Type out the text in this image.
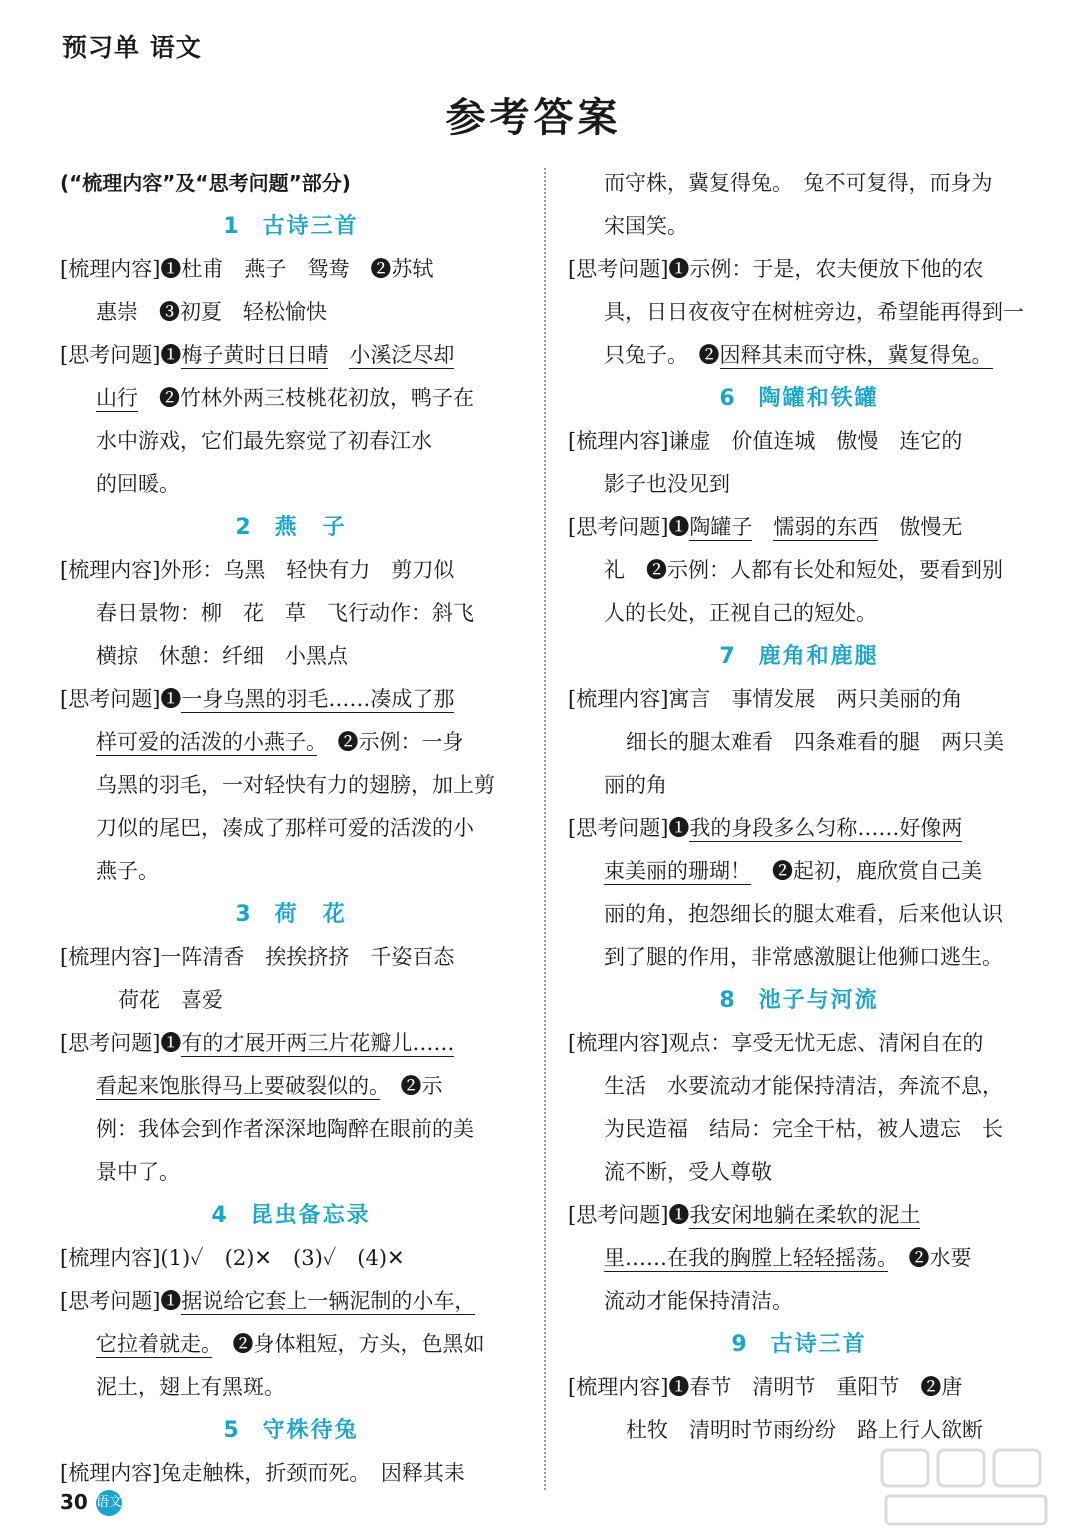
预习单 语文
参考答案
(“梳理内容”及“思考问题”部分)
1 古诗三首
[梳理内容]❶杜甫　燕子　鸳鸯　❷苏轼
惠崇　❸初夏　轻松愉快
[思考问题]❶梅子黄时日日晴　 小溪泛尽却
山行　❷竹林外两三枝桃花初放，鸭子在
水中游戏，它们最先察觉了初春江水
的回暖。
2 燕　子
[梳理内容]外形：乌黑　轻快有力　剪刀似
春日景物：柳　花　草　飞行动作：斜飞
横掠　休憩：纤细　小黑点
[思考问题]❶一身乌黑的羽毛……凑成了那
样可爱的活泼的小燕子。　❷示例：一身
乌黑的羽毛，一对轻快有力的翅膀，加上剪
刀似的尾巴，凑成了那样可爱的活泼的小
燕子。
3 荷　花
[梳理内容]一阵清香　挨挨挤挤　千姿百态
荷花　喜爱
[思考问题]❶有的才展开两三片花瓣儿……
看起来饱胀得马上要破裂似的。　❷示
例：我体会到作者深深地陶醉在眼前的美
景中了。
4 昆虫备忘录
[梳理内容](1)✓　(2)✕　(3)✓　(4)✕
[思考问题]❶据说给它套上一辆泥制的小车，
它拉着就走。　❷身体粗短，方头，色黑如
泥土，翅上有黑斑。
5 守株待兔
[梳理内容]兔走触株，折颈而死。　因释其耒
而守株，冀复得兔。　兔不可复得，而身为
宋国笑。
[思考问题]❶示例：于是，农夫便放下他的农
具，日日夜夜守在树桩旁边，希望能再得到一
只兔子。　❷因释其耒而守株，冀复得兔。
6 陶罐和铁罐
[梳理内容]谦虚　价值连城　傲慢　连它的
影子也没见到
[思考问题]❶陶罐子　 懦弱的东西　傲慢无
礼　❷示例：人都有长处和短处，要看到别
人的长处，正视自己的短处。
7 鹿角和鹿腿
[梳理内容]寓言　事情发展　两只美丽的角
细长的腿太难看　四条难看的腿　两只美
丽的角
[思考问题]❶我的身段多么匀称……好像两
束美丽的珊瑚！　❷起初，鹿欣赏自己美
丽的角，抱怨细长的腿太难看，后来他认识
到了腿的作用，非常感激腿让他狮口逃生。
8 池子与河流
[梳理内容]观点：享受无忧无虑、清闲自在的
生活　水要流动才能保持清洁，奔流不息，
为民造福　结局：完全干枯，被人遗忘　长
流不断，受人尊敬
[思考问题]❶我安闲地躺在柔软的泥土
里……在我的胸膛上轻轻摇荡。　❷水要
流动才能保持清洁。
9 古诗三首
[梳理内容]❶春节　清明节　重阳节　❷唐
杜牧　清明时节雨纷纷　路上行人欲断
30 语文
